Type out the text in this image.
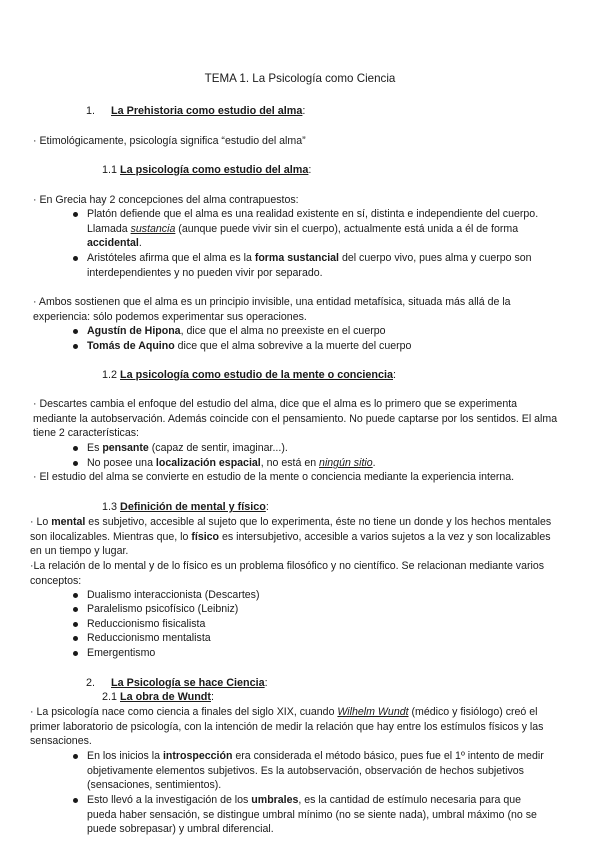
TEMA 1. La Psicología como Ciencia
1. La Prehistoria como estudio del alma:
· Etimológicamente, psicología significa “estudio del alma”
1.1 La psicología como estudio del alma:
· En Grecia hay 2 concepciones del alma contrapuestos:
Platón defiende que el alma es una realidad existente en sí, distinta e independiente del cuerpo. Llamada sustancia (aunque puede vivir sin el cuerpo), actualmente está unida a él de forma accidental.
Aristóteles afirma que el alma es la forma sustancial del cuerpo vivo, pues alma y cuerpo son interdependientes y no pueden vivir por separado.
· Ambos sostienen que el alma es un principio invisible, una entidad metafísica, situada más allá de la experiencia: sólo podemos experimentar sus operaciones.
Agustín de Hipona, dice que el alma no preexiste en el cuerpo
Tomás de Aquino dice que el alma sobrevive a la muerte del cuerpo
1.2 La psicología como estudio de la mente o conciencia:
· Descartes cambia el enfoque del estudio del alma, dice que el alma es lo primero que se experimenta mediante la autobservación. Además coincide con el pensamiento. No puede captarse por los sentidos. El alma tiene 2 características:
Es pensante (capaz de sentir, imaginar...).
No posee una localización espacial, no está en ningún sitio.
· El estudio del alma se convierte en estudio de la mente o conciencia mediante la experiencia interna.
1.3 Definición de mental y físico:
· Lo mental es subjetivo, accesible al sujeto que lo experimenta, éste no tiene un donde y los hechos mentales son ilocalizables. Mientras que, lo físico es intersubjetivo, accesible a varios sujetos a la vez y son localizables en un tiempo y lugar.
·La relación de lo mental y de lo físico es un problema filosófico y no científico. Se relacionan mediante varios conceptos:
Dualismo interaccionista (Descartes)
Paralelismo psicofísico (Leibniz)
Reduccionismo fisicalista
Reduccionismo mentalista
Emergentismo
2. La Psicología se hace Ciencia:
2.1 La obra de Wundt:
· La psicología nace como ciencia a finales del siglo XIX, cuando Wilhelm Wundt (médico y fisiólogo) creó el primer laboratorio de psicología, con la intención de medir la relación que hay entre los estímulos físicos y las sensaciones.
En los inicios la introspección era considerada el método básico, pues fue el 1º intento de medir objetivamente elementos subjetivos. Es la autobservación, observación de hechos subjetivos (sensaciones, sentimientos).
Esto llevó a la investigación de los umbrales, es la cantidad de estímulo necesaria para que pueda haber sensación, se distingue umbral mínimo (no se siente nada), umbral máximo (no se puede sobrepasar) y umbral diferencial.
